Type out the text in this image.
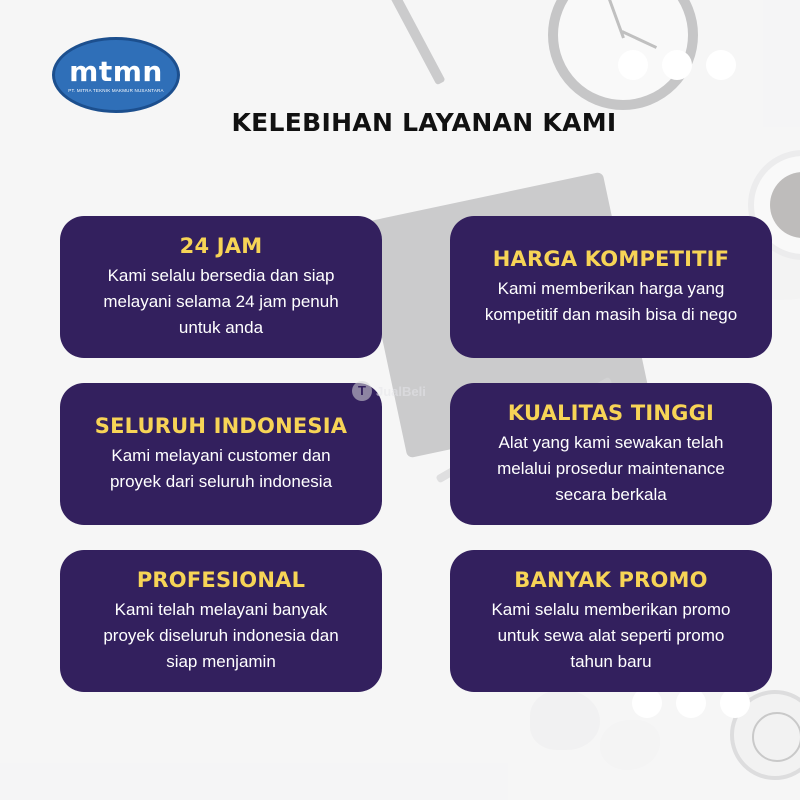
mtmn
PT. MITRA TEKNIK MAKMUR NUSANTARA
KELEBIHAN LAYANAN KAMI
24 JAM
Kami selalu bersedia dan siap
melayani selama 24 jam penuh
untuk anda
HARGA KOMPETITIF
Kami memberikan harga yang
kompetitif dan masih bisa di nego
SELURUH INDONESIA
Kami melayani customer dan
proyek dari seluruh indonesia
KUALITAS TINGGI
Alat yang kami sewakan telah
melalui prosedur maintenance
secara berkala
PROFESIONAL
Kami telah melayani banyak
proyek diseluruh indonesia dan
siap menjamin
BANYAK PROMO
Kami selalu memberikan promo
untuk sewa alat seperti promo
tahun baru
T JualBeli
